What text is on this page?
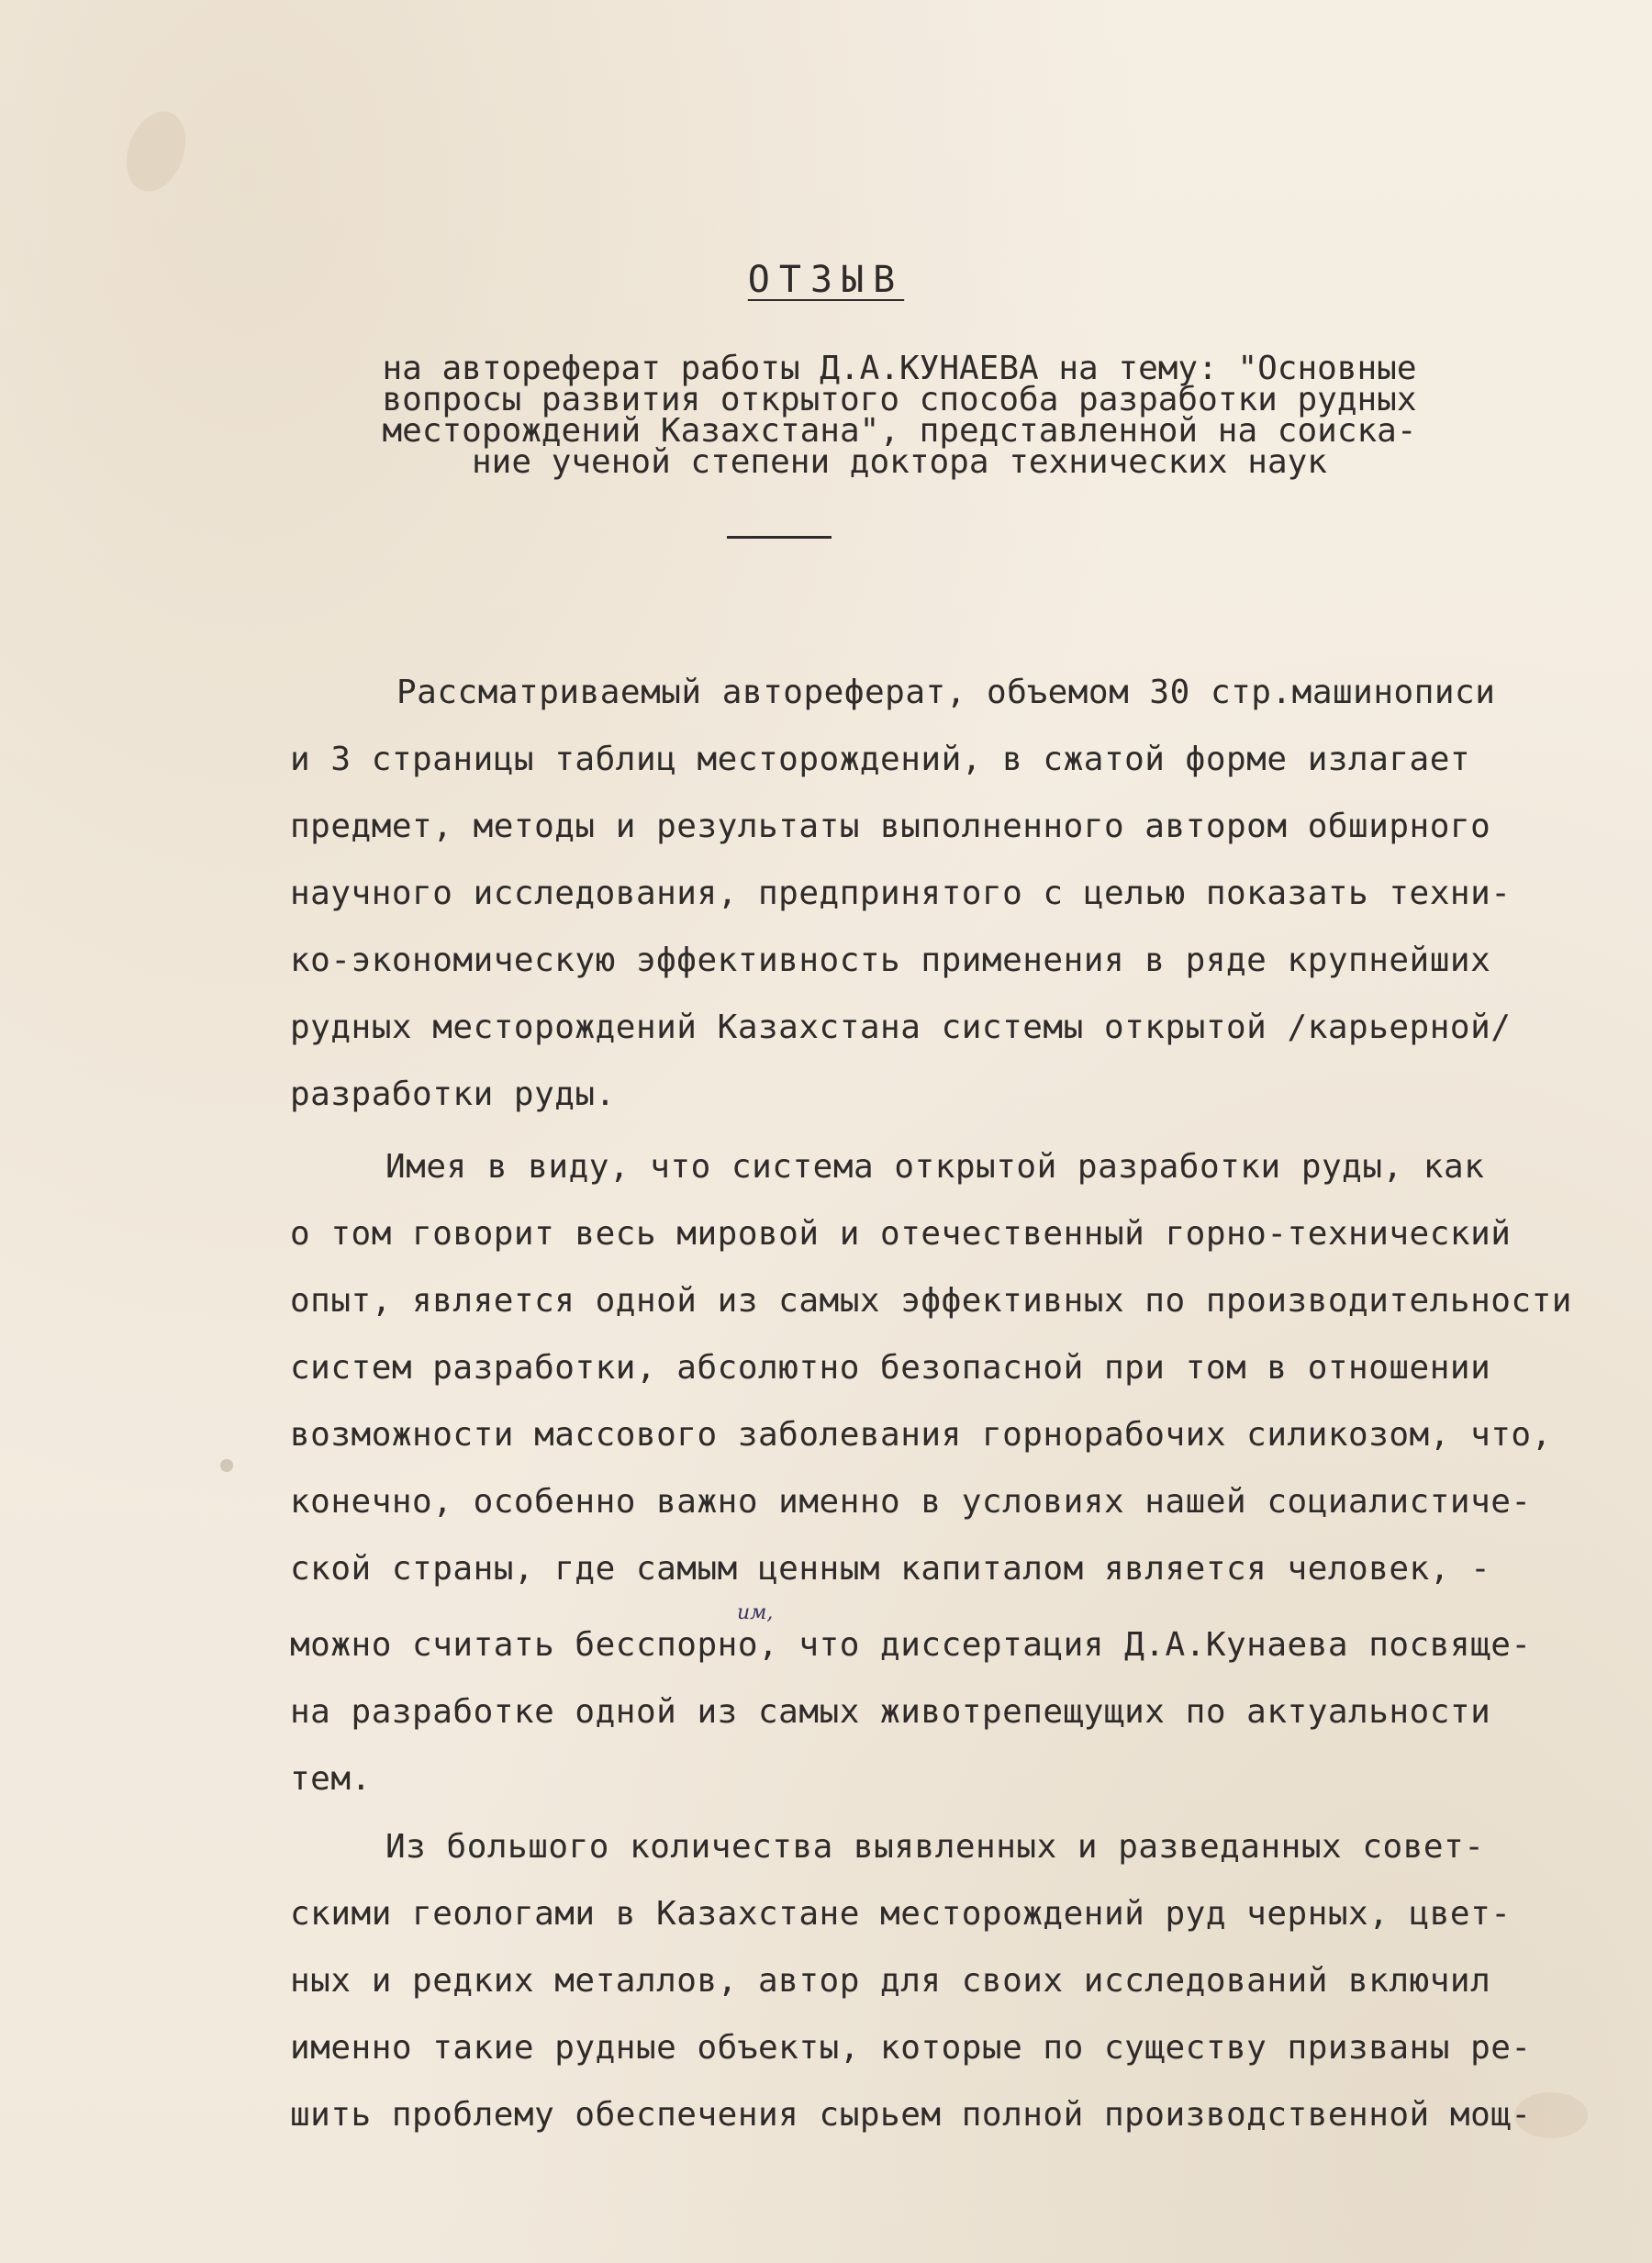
ОТЗЫВ
на автореферат работы Д.А.КУНАЕВА на тему: "Основные
вопросы развития открытого способа разработки рудных
месторождений Казахстана", представленной на соиска-
ние ученой степени доктора технических наук
Рассматриваемый автореферат, объемом 30 стр.машинописи
и 3 страницы таблиц месторождений, в сжатой форме излагает
предмет, методы и результаты выполненного автором обширного
научного исследования, предпринятого с целью показать техни-
ко-экономическую эффективность применения в ряде крупнейших
рудных месторождений Казахстана системы открытой /карьерной/
разработки руды.
Имея в виду, что система открытой разработки руды, как
о том говорит весь мировой и отечественный горно-технический
опыт, является одной из самых эффективных по производительности
систем разработки, абсолютно безопасной при том в отношении
возможности массового заболевания горнорабочих силикозом, что,
конечно, особенно важно именно в условиях нашей социалистиче-
ской страны, где самым ценным капиталом является человек, -
можно считать бесспорно, что диссертация Д.А.Кунаева посвяще-
на разработке одной из самых животрепещущих по актуальности
тем.
Из большого количества выявленных и разведанных совет-
скими геологами в Казахстане месторождений руд черных, цвет-
ных и редких металлов, автор для своих исследований включил
именно такие рудные объекты, которые по существу призваны ре-
шить проблему обеспечения сырьем полной производственной мощ-
им,
